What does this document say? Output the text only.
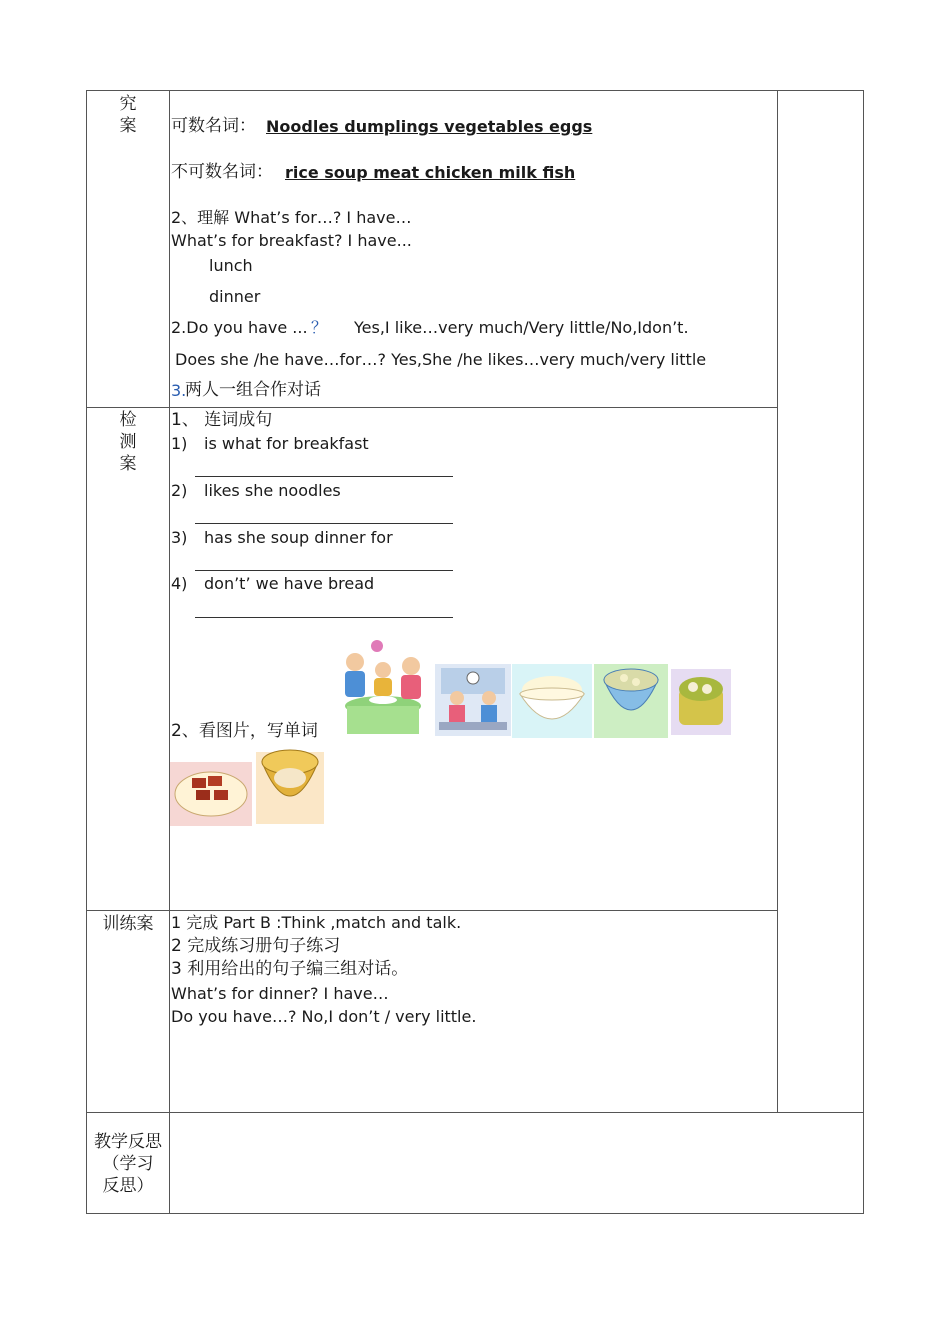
究
案
检
测
案
训练案
教学反思
（学习
反思）
可数名词： Noodles dumplings vegetables eggs
不可数名词： rice soup meat chicken milk fish
2、理解 What’s for…? I have…
What’s for breakfast? I have...
lunch
dinner
2.Do you have ... ？ Yes,I like…very much/Very little/No,Idon’t.
Does she /he have…for…? Yes,She /he likes…very much/very little
3.
两人一组合作对话
1、 连词成句
1) is what for breakfast
2) likes she noodles
3) has she soup dinner for
4) don’t’ we have bread
2、看图片，写单词
1 完成 Part B :Think ,match and talk.
2 完成练习册句子练习
3 利用给出的句子编三组对话。
What’s for dinner? I have…
Do you have…? No,I don’t / very little.
